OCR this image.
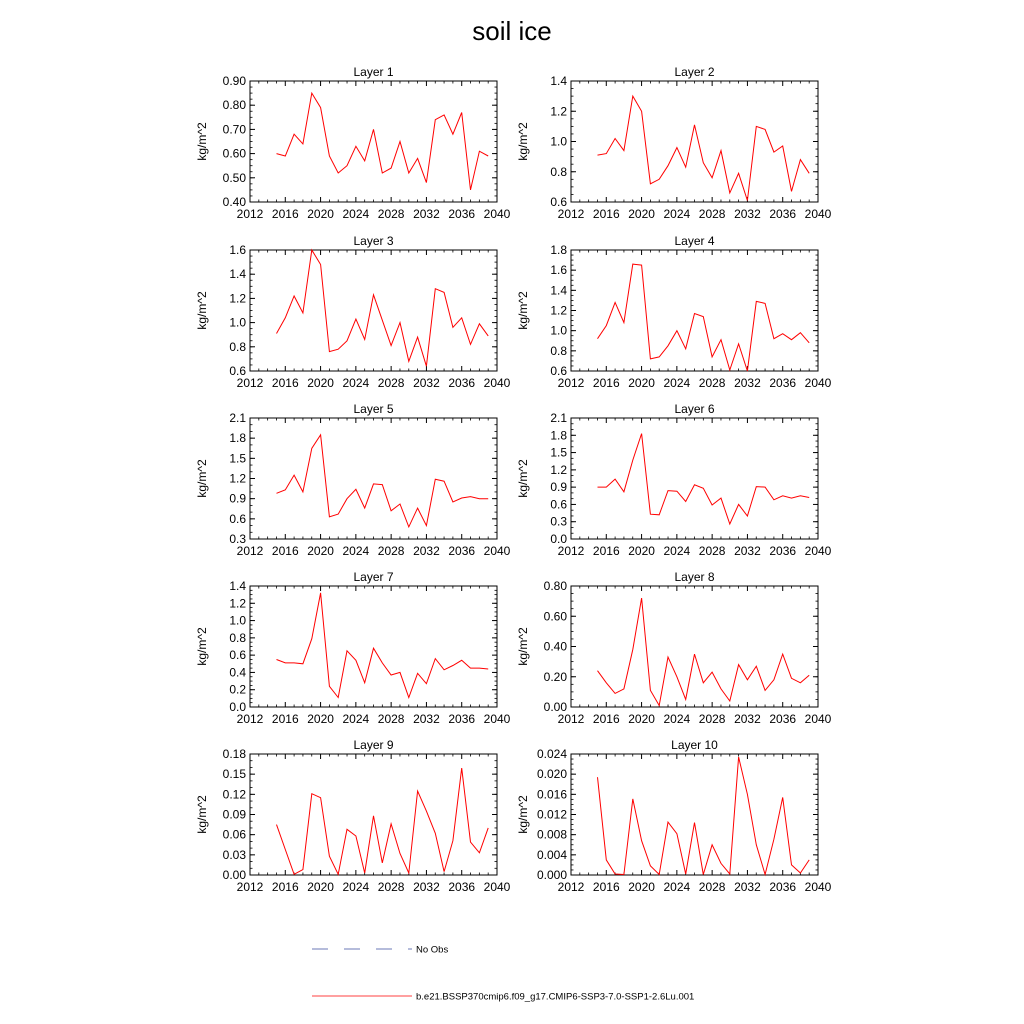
soil ice
Layer 1
2012 2016 2020 2024 2028 2032 2036 2040
0.40
0.50
0.60
0.70
0.80
0.90
kg/m^2
Layer 2
2012 2016 2020 2024 2028 2032 2036 2040
0.6
0.8
1.0
1.2
1.4
kg/m^2
Layer 3
2012 2016 2020 2024 2028 2032 2036 2040
0.6
0.8
1.0
1.2
1.4
1.6
kg/m^2
Layer 4
2012 2016 2020 2024 2028 2032 2036 2040
0.6
0.8
1.0
1.2
1.4
1.6
1.8
kg/m^2
Layer 5
2012 2016 2020 2024 2028 2032 2036 2040
0.3
0.6
0.9
1.2
1.5
1.8
2.1
kg/m^2
Layer 6
2012 2016 2020 2024 2028 2032 2036 2040
0.0
0.3
0.6
0.9
1.2
1.5
1.8
2.1
kg/m^2
Layer 7
2012 2016 2020 2024 2028 2032 2036 2040
0.0
0.2
0.4
0.6
0.8
1.0
1.2
1.4
kg/m^2
Layer 8
2012 2016 2020 2024 2028 2032 2036 2040
0.00
0.20
0.40
0.60
0.80
kg/m^2
Layer 9
2012 2016 2020 2024 2028 2032 2036 2040
0.00
0.03
0.06
0.09
0.12
0.15
0.18
kg/m^2
Layer 10
2012 2016 2020 2024 2028 2032 2036 2040
0.000
0.004
0.008
0.012
0.016
0.020
0.024
kg/m^2
No Obs
b.e21.BSSP370cmip6.f09_g17.CMIP6-SSP3-7.0-SSP1-2.6Lu.001
